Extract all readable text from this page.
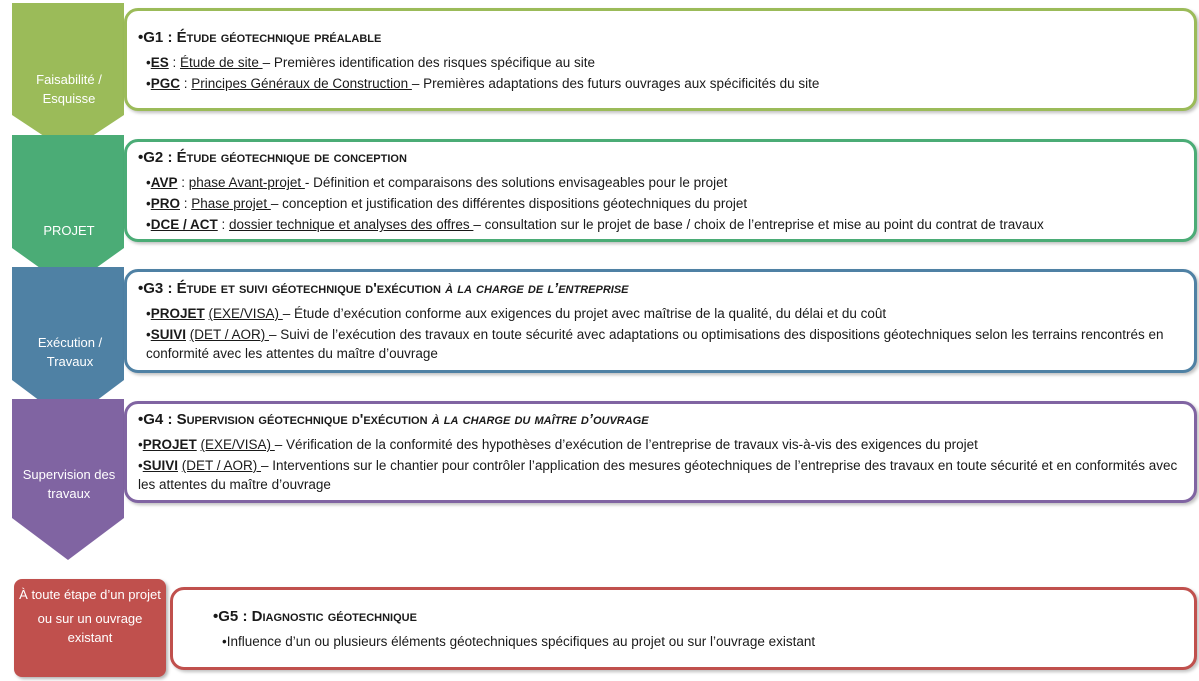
Faisabilité / Esquisse
PROJET
Exécution / Travaux
Supervision des travaux
•G1 : Étude géotechnique préalable
•ES : Étude de site – Premières identification des risques spécifique au site
•PGC : Principes Généraux de Construction – Premières adaptations des futurs ouvrages aux spécificités du site
•G2 : Étude géotechnique de conception
•AVP : phase Avant-projet - Définition et comparaisons des solutions envisageables pour le projet
•PRO : Phase projet – conception et justification des différentes dispositions géotechniques du projet
•DCE / ACT : dossier technique et analyses des offres – consultation sur le projet de base / choix de l’entreprise et mise au point du contrat de travaux
•G3 : Étude et suivi géotechnique d'exécution à la charge de l’entreprise
•PROJET (EXE/VISA) – Étude d’exécution conforme aux exigences du projet avec maîtrise de la qualité, du délai et du coût
•SUIVI (DET / AOR) – Suivi de l’exécution des travaux en toute sécurité avec adaptations ou optimisations des dispositions géotechniques selon les terrains rencontrés en conformité avec les attentes du maître d’ouvrage
•G4 : Supervision géotechnique d'exécution à la charge du maître d’ouvrage
•PROJET (EXE/VISA) – Vérification de la conformité des hypothèses d’exécution de l’entreprise de travaux vis-à-vis des exigences du projet
•SUIVI (DET / AOR) – Interventions sur le chantier pour contrôler l’application des mesures géotechniques de l’entreprise des travaux en toute sécurité et en conformités avec les attentes du maître d’ouvrage
À toute étape d’un projet
ou sur un ouvrage existant
•G5 : Diagnostic géotechnique
•Influence d’un ou plusieurs éléments géotechniques spécifiques au projet ou sur l’ouvrage existant
